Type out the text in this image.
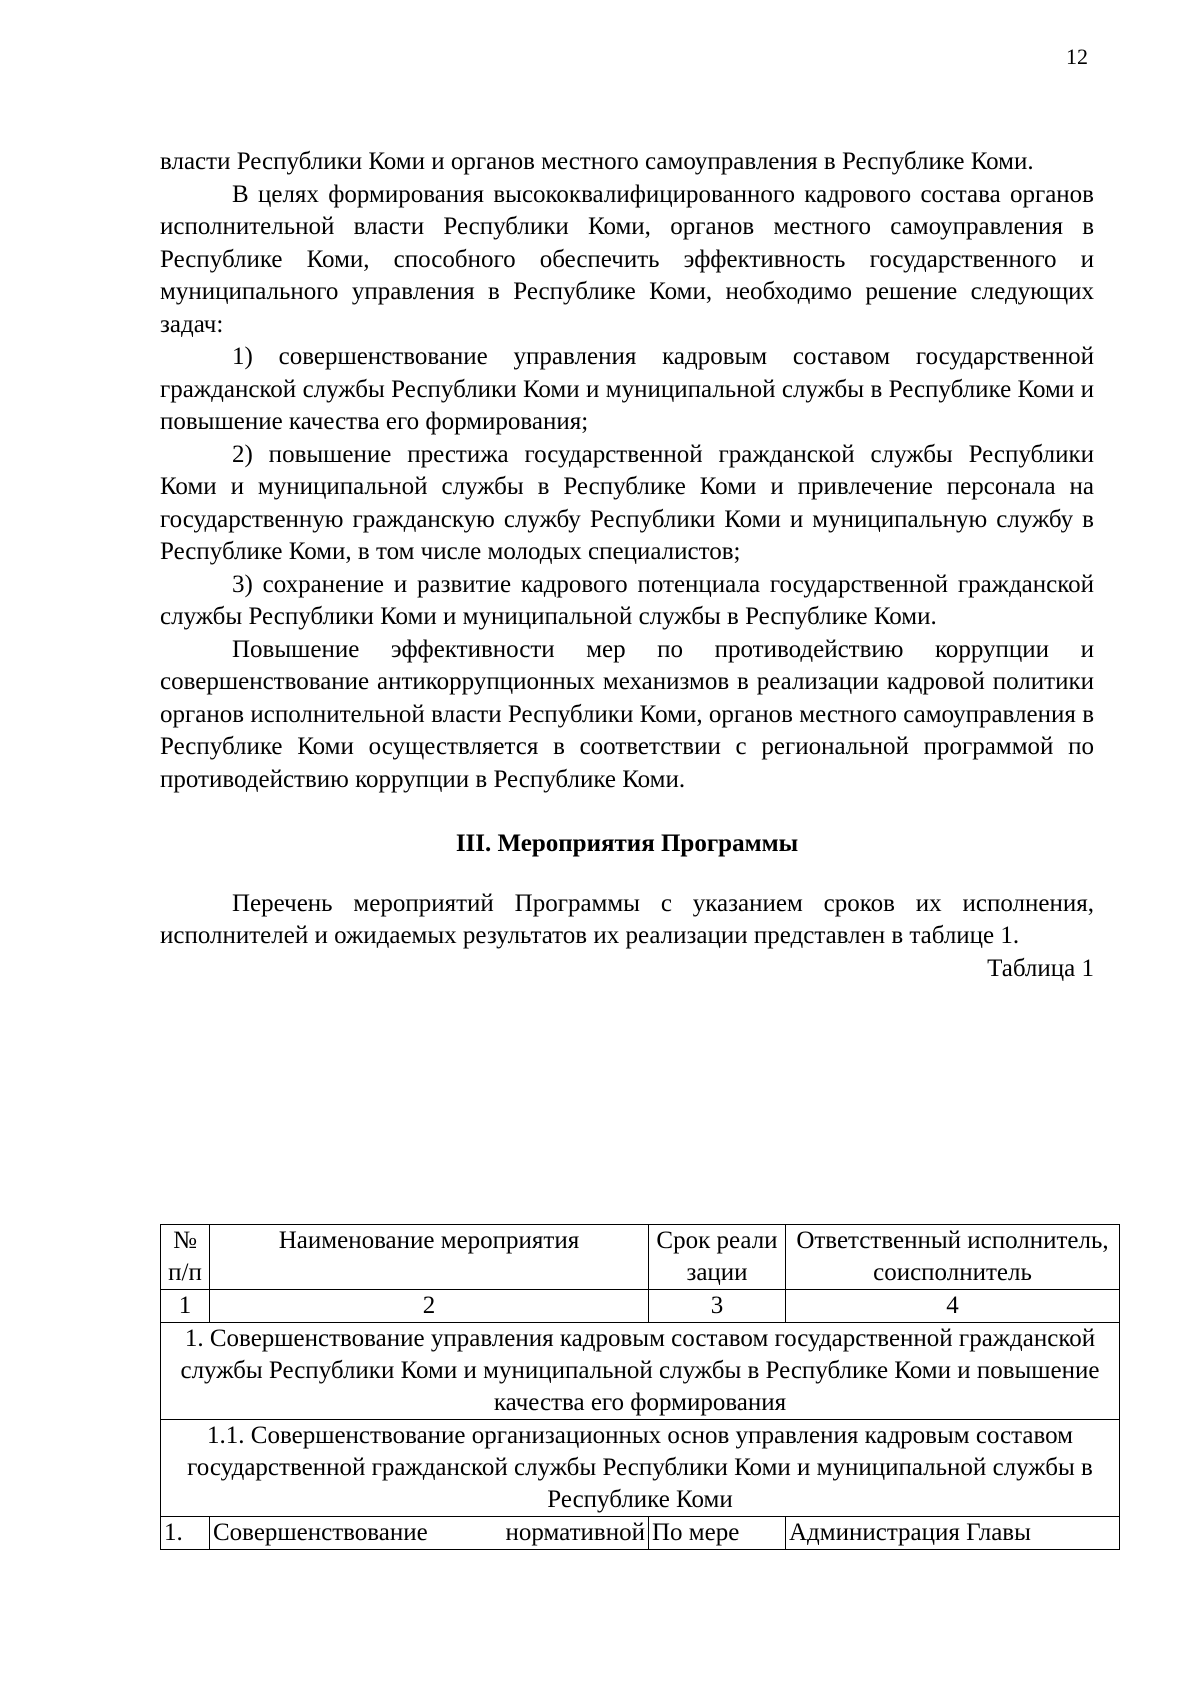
12

власти Республики Коми и органов местного самоуправления в Республике Коми.

В целях формирования высококвалифицированного кадрового состава органов исполнительной власти Республики Коми, органов местного самоуправления в Республике Коми, способного обеспечить эффективность государственного и муниципального управления в Республике Коми, необходимо решение следующих задач:

1) совершенствование управления кадровым составом государственной гражданской службы Республики Коми и муниципальной службы в Республике Коми и повышение качества его формирования;

2) повышение престижа государственной гражданской службы Республики Коми и муниципальной службы в Республике Коми и привлечение персонала на государственную гражданскую службу Республики Коми и муниципальную службу в Республике Коми, в том числе молодых специалистов;

3) сохранение и развитие кадрового потенциала государственной гражданской службы Республики Коми и муниципальной службы в Республике Коми.

Повышение эффективности мер по противодействию коррупции и совершенствование антикоррупционных механизмов в реализации кадровой политики органов исполнительной власти Республики Коми, органов местного самоуправления в Республике Коми осуществляется в соответствии с региональной программой по противодействию коррупции в Республике Коми.

III. Мероприятия Программы

Перечень мероприятий Программы с указанием сроков их исполнения, исполнителей и ожидаемых результатов их реализации представлен в таблице 1.

Таблица 1

№ п/п	Наименование мероприятия	Срок реализации	Ответственный исполнитель, соисполнитель
1	2	3	4
1. Совершенствование управления кадровым составом государственной гражданской службы Республики Коми и муниципальной службы в Республике Коми и повышение качества его формирования			
1.1. Совершенствование организационных основ управления кадровым составом государственной гражданской службы Республики Коми и муниципальной службы в Республике Коми			
1.	Совершенствование нормативной	По мере	Администрация Главы
